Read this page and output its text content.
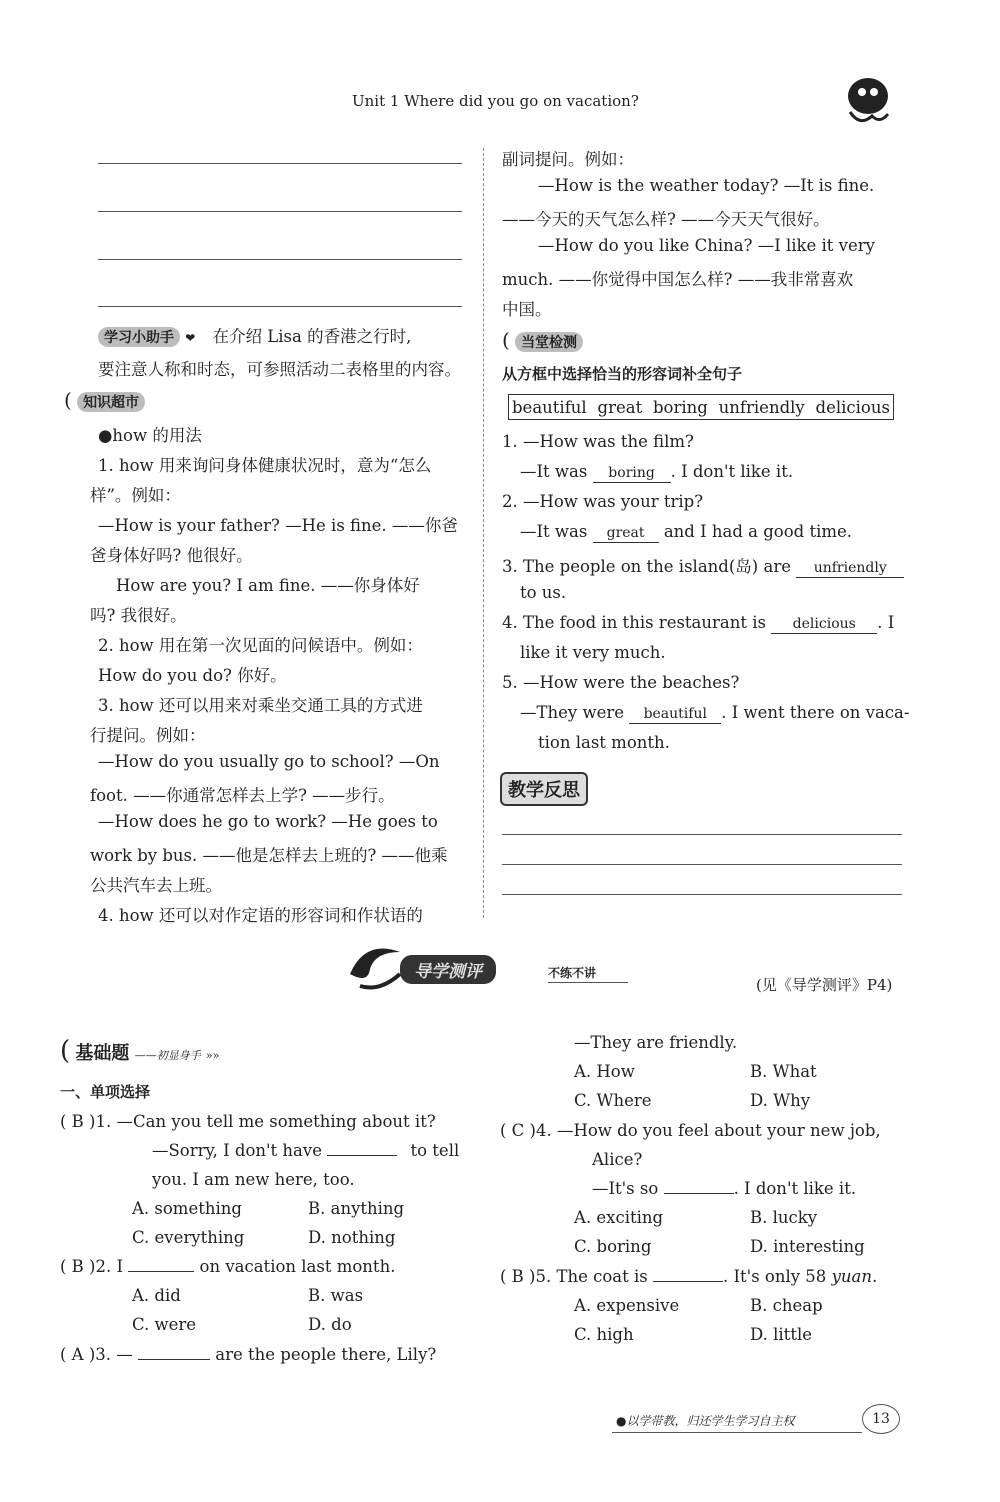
Unit 1 Where did you go on vacation?
学习小助手 ❤ 在介绍 Lisa 的香港之行时,
要注意人称和时态，可参照活动二表格里的内容。
( 知识超市
●how 的用法
1. how 用来询问身体健康状况时，意为“怎么
样”。例如：
—How is your father? —He is fine. ——你爸
爸身体好吗? 他很好。
How are you? I am fine. ——你身体好
吗? 我很好。
2. how 用在第一次见面的问候语中。例如：
How do you do? 你好。
3. how 还可以用来对乘坐交通工具的方式进
行提问。例如：
—How do you usually go to school? —On
foot. ——你通常怎样去上学? ——步行。
—How does he go to work? —He goes to
work by bus. ——他是怎样去上班的? ——他乘
公共汽车去上班。
4. how 还可以对作定语的形容词和作状语的
副词提问。例如：
—How is the weather today? —It is fine.
——今天的天气怎么样? ——今天天气很好。
—How do you like China? —I like it very
much. ——你觉得中国怎么样? ——我非常喜欢
中国。
( 当堂检测
从方框中选择恰当的形容词补全句子
beautiful great boring unfriendly delicious
1. —How was the film?
—It was boring . I don't like it.
2. —How was your trip?
—It was great and I had a good time.
3. The people on the island(岛) are unfriendly
to us.
4. The food in this restaurant is delicious . I
like it very much.
5. —How were the beaches?
—They were beautiful . I went there on vaca-
tion last month.
教学反思
导学测评	不练不讲
(见《导学测评》P4)
( 基础题 ——初显身手 »»
一、单项选择
( B )1. —Can you tell me something about it?
—Sorry, I don't have	to tell
you. I am new here, too.
A. something	B. anything
C. everything	D. nothing
( B )2. I	on vacation last month.
A. did	B. was
C. were	D. do
( A )3. —	are the people there, Lily?
—They are friendly.
A. How	B. What
C. Where	D. Why
( C )4. —How do you feel about your new job,
Alice?
—It's so	. I don't like it.
A. exciting	B. lucky
C. boring	D. interesting
( B )5. The coat is	. It's only 58 yuan.
A. expensive	B. cheap
C. high	D. little
●以学带教，归还学生学习自主权	13
